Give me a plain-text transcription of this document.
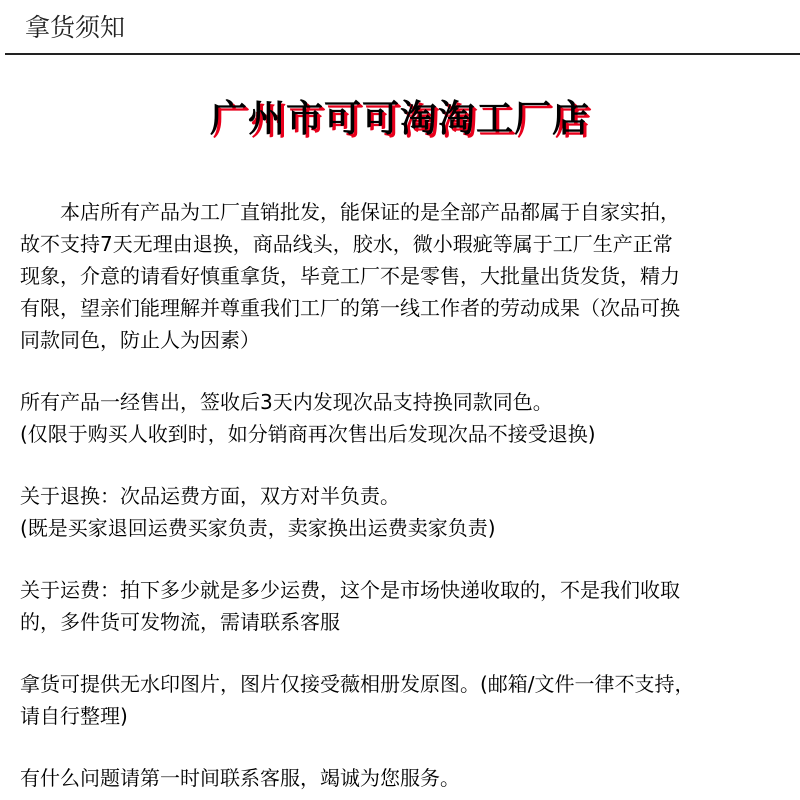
拿货须知
广州市可可淘淘工厂店
　　本店所有产品为工厂直销批发，能保证的是全部产品都属于自家实拍，
故不支持7天无理由退换，商品线头，胶水，微小瑕疵等属于工厂生产正常
现象，介意的请看好慎重拿货，毕竟工厂不是零售，大批量出货发货，精力
有限，望亲们能理解并尊重我们工厂的第一线工作者的劳动成果（次品可换
同款同色，防止人为因素）
所有产品一经售出，签收后3天内发现次品支持换同款同色。
(仅限于购买人收到时，如分销商再次售出后发现次品不接受退换)
关于退换：次品运费方面，双方对半负责。
(既是买家退回运费买家负责，卖家换出运费卖家负责)
关于运费：拍下多少就是多少运费，这个是市场快递收取的，不是我们收取
的，多件货可发物流，需请联系客服
拿货可提供无水印图片，图片仅接受薇相册发原图。(邮箱/文件一律不支持，
请自行整理)
有什么问题请第一时间联系客服，竭诚为您服务。
